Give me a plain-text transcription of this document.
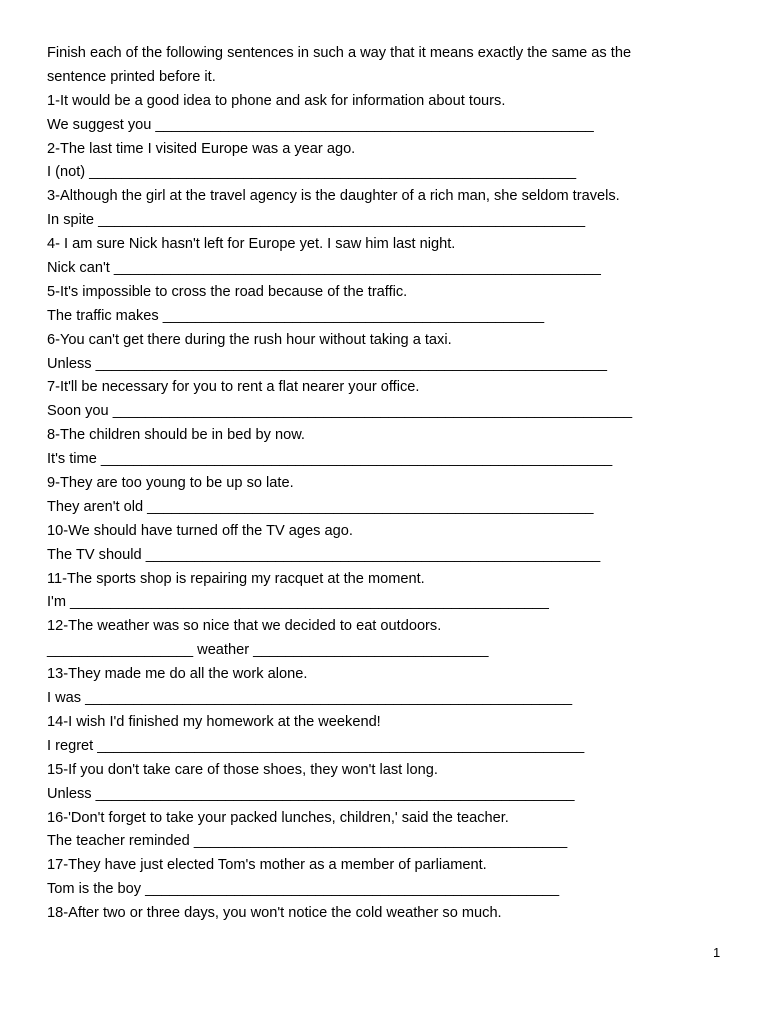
Finish each of the following sentences in such a way that it means exactly the same as the
sentence printed before it.
1-It would be a good idea to phone and ask for information about tours.
We suggest you ______________________________________________________
2-The last time I visited Europe was a year ago.
I (not) ____________________________________________________________
3-Although the girl at the travel agency is the daughter of a rich man, she seldom travels.
In spite ____________________________________________________________
4- I am sure Nick hasn't left for Europe yet. I saw him last night.
Nick can't ____________________________________________________________
5-It's impossible to cross the road because of the traffic.
The traffic makes _______________________________________________
6-You can't get there during the rush hour without taking a taxi.
Unless _______________________________________________________________
7-It'll be necessary for you to rent a flat nearer your office.
Soon you ________________________________________________________________
8-The children should be in bed by now.
It's time _______________________________________________________________
9-They are too young to be up so late.
They aren't old _______________________________________________________
10-We should have turned off the TV ages ago.
The TV should ________________________________________________________
11-The sports shop is repairing my racquet at the moment.
I'm ___________________________________________________________
12-The weather was so nice that we decided to eat outdoors.
__________________ weather _____________________________
13-They made me do all the work alone.
I was ____________________________________________________________
14-I wish I'd finished my homework at the weekend!
I regret ____________________________________________________________
15-If you don't take care of those shoes, they won't last long.
Unless ___________________________________________________________
16-'Don't forget to take your packed lunches, children,' said the teacher.
The teacher reminded ______________________________________________
17-They have just elected Tom's mother as a member of parliament.
Tom is the boy ___________________________________________________
18-After two or three days, you won't notice the cold weather so much.
1
